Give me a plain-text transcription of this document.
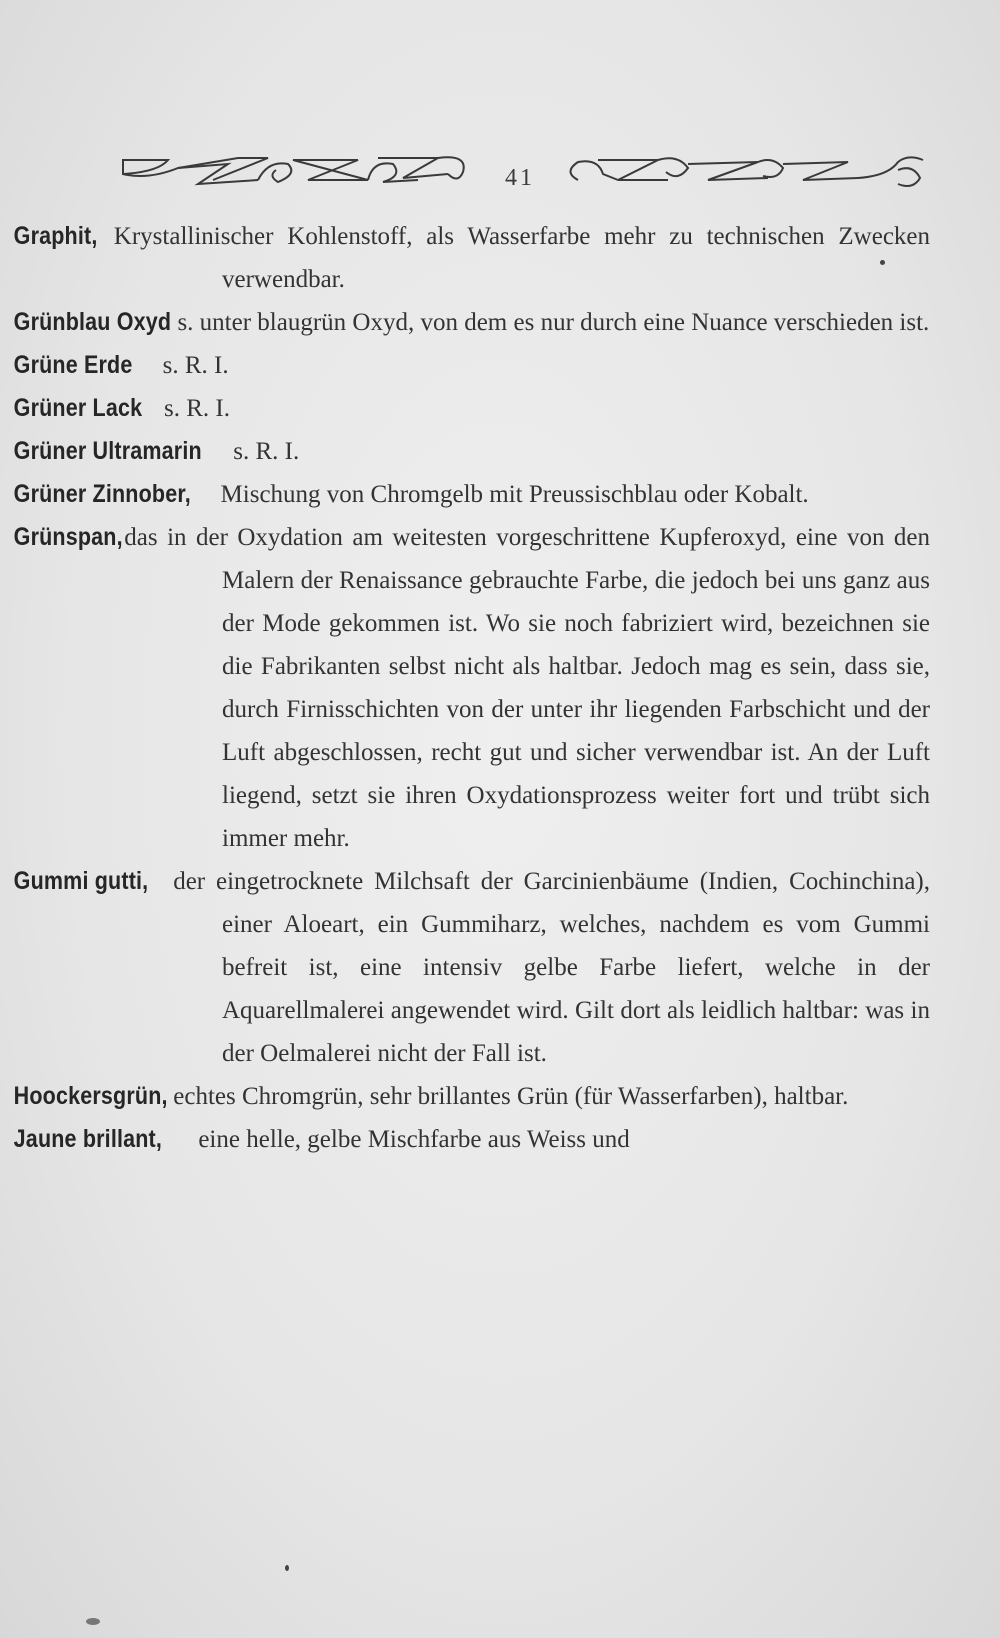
41

Graphit, Krystallinischer Kohlenstoff, als Wasserfarbe mehr zu technischen Zwecken verwendbar.

Grünblau Oxyd s. unter blaugrün Oxyd, von dem es nur durch eine Nuance verschieden ist.

Grüne Erde s. R. I.

Grüner Lack s. R. I.

Grüner Ultramarin s. R. I.

Grüner Zinnober, Mischung von Chromgelb mit Preussischblau oder Kobalt.

Grünspan, das in der Oxydation am weitesten vorgeschrittene Kupferoxyd, eine von den Malern der Renaissance gebrauchte Farbe, die jedoch bei uns ganz aus der Mode gekommen ist. Wo sie noch fabriziert wird, bezeichnen sie die Fabrikanten selbst nicht als haltbar. Jedoch mag es sein, dass sie, durch Firnisschichten von der unter ihr liegenden Farbschicht und der Luft abgeschlossen, recht gut und sicher verwendbar ist. An der Luft liegend, setzt sie ihren Oxydationsprozess weiter fort und trübt sich immer mehr.

Gummi gutti, der eingetrocknete Milchsaft der Garcinienbäume (Indien, Cochinchina), einer Aloeart, ein Gummiharz, welches, nachdem es vom Gummi befreit ist, eine intensiv gelbe Farbe liefert, welche in der Aquarellmalerei angewendet wird. Gilt dort als leidlich haltbar: was in der Oelmalerei nicht der Fall ist.

Hoockersgrün, echtes Chromgrün, sehr brillantes Grün (für Wasserfarben), haltbar.

Jaune brillant, eine helle, gelbe Mischfarbe aus Weiss und
